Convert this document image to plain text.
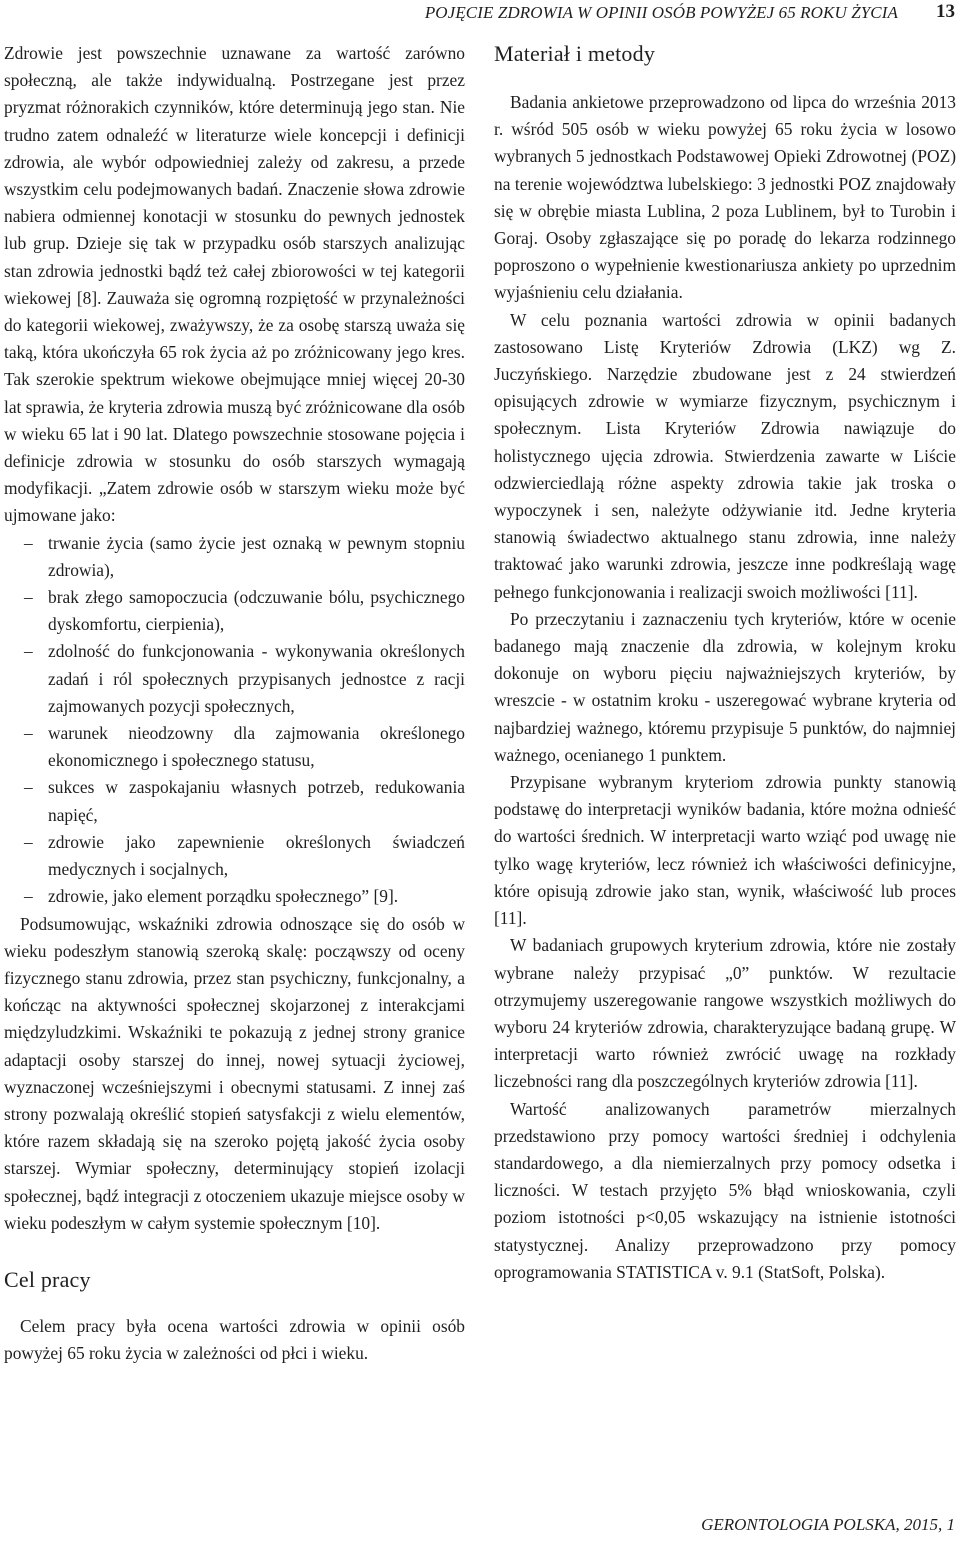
POJĘCIE ZDROWIA W OPINII OSÓB POWYŻEJ 65 ROKU ŻYCIA 13

Zdrowie jest powszechnie uznawane za wartość zarówno społeczną, ale także indywidualną. Postrzegane jest przez pryzmat różnorakich czynników, które determinują jego stan. Nie trudno zatem odnaleźć w literaturze wiele koncepcji i definicji zdrowia, ale wybór odpowiedniej zależy od zakresu, a przede wszystkim celu podejmowanych badań. Znaczenie słowa zdrowie nabiera odmiennej konotacji w stosunku do pewnych jednostek lub grup. Dzieje się tak w przypadku osób starszych analizując stan zdrowia jednostki bądź też całej zbiorowości w tej kategorii wiekowej [8]. Zauważa się ogromną rozpiętość w przynależności do kategorii wiekowej, zważywszy, że za osobę starszą uważa się taką, która ukończyła 65 rok życia aż po zróżnicowany jego kres. Tak szerokie spektrum wiekowe obejmujące mniej więcej 20-30 lat sprawia, że kryteria zdrowia muszą być zróżnicowane dla osób w wieku 65 lat i 90 lat. Dlatego powszechnie stosowane pojęcia i definicje zdrowia w stosunku do osób starszych wymagają modyfikacji. „Zatem zdrowie osób w starszym wieku może być ujmowane jako:

– trwanie życia (samo życie jest oznaką w pewnym stopniu zdrowia),
– brak złego samopoczucia (odczuwanie bólu, psychicznego dyskomfortu, cierpienia),
– zdolność do funkcjonowania - wykonywania określonych zadań i ról społecznych przypisanych jednostce z racji zajmowanych pozycji społecznych,
– warunek nieodzowny dla zajmowania określonego ekonomicznego i społecznego statusu,
– sukces w zaspokajaniu własnych potrzeb, redukowania napięć,
– zdrowie jako zapewnienie określonych świadczeń medycznych i socjalnych,
– zdrowie, jako element porządku społecznego” [9].

Podsumowując, wskaźniki zdrowia odnoszące się do osób w wieku podeszłym stanowią szeroką skalę: począwszy od oceny fizycznego stanu zdrowia, przez stan psychiczny, funkcjonalny, a kończąc na aktywności społecznej skojarzonej z interakcjami międzyludzkimi. Wskaźniki te pokazują z jednej strony granice adaptacji osoby starszej do innej, nowej sytuacji życiowej, wyznaczonej wcześniejszymi i obecnymi statusami. Z innej zaś strony pozwalają określić stopień satysfakcji z wielu elementów, które razem składają się na szeroko pojętą jakość życia osoby starszej. Wymiar społeczny, determinujący stopień izolacji społecznej, bądź integracji z otoczeniem ukazuje miejsce osoby w wieku podeszłym w całym systemie społecznym [10].

Cel pracy

Celem pracy była ocena wartości zdrowia w opinii osób powyżej 65 roku życia w zależności od płci i wieku.

Materiał i metody

Badania ankietowe przeprowadzono od lipca do września 2013 r. wśród 505 osób w wieku powyżej 65 roku życia w losowo wybranych 5 jednostkach Podstawowej Opieki Zdrowotnej (POZ) na terenie województwa lubelskiego: 3 jednostki POZ znajdowały się w obrębie miasta Lublina, 2 poza Lublinem, był to Turobin i Goraj. Osoby zgłaszające się po poradę do lekarza rodzinnego poproszono o wypełnienie kwestionariusza ankiety po uprzednim wyjaśnieniu celu działania.

W celu poznania wartości zdrowia w opinii badanych zastosowano Listę Kryteriów Zdrowia (LKZ) wg Z. Juczyńskiego. Narzędzie zbudowane jest z 24 stwierdzeń opisujących zdrowie w wymiarze fizycznym, psychicznym i społecznym. Lista Kryteriów Zdrowia nawiązuje do holistycznego ujęcia zdrowia. Stwierdzenia zawarte w Liście odzwierciedlają różne aspekty zdrowia takie jak troska o wypoczynek i sen, należyte odżywianie itd. Jedne kryteria stanowią świadectwo aktualnego stanu zdrowia, inne należy traktować jako warunki zdrowia, jeszcze inne podkreślają wagę pełnego funkcjonowania i realizacji swoich możliwości [11].

Po przeczytaniu i zaznaczeniu tych kryteriów, które w ocenie badanego mają znaczenie dla zdrowia, w kolejnym kroku dokonuje on wyboru pięciu najważniejszych kryteriów, by wreszcie - w ostatnim kroku - uszeregować wybrane kryteria od najbardziej ważnego, któremu przypisuje 5 punktów, do najmniej ważnego, ocenianego 1 punktem.

Przypisane wybranym kryteriom zdrowia punkty stanowią podstawę do interpretacji wyników badania, które można odnieść do wartości średnich. W interpretacji warto wziąć pod uwagę nie tylko wagę kryteriów, lecz również ich właściwości definicyjne, które opisują zdrowie jako stan, wynik, właściwość lub proces [11].

W badaniach grupowych kryterium zdrowia, które nie zostały wybrane należy przypisać „0” punktów. W rezultacie otrzymujemy uszeregowanie rangowe wszystkich możliwych do wyboru 24 kryteriów zdrowia, charakteryzujące badaną grupę. W interpretacji warto również zwrócić uwagę na rozkłady liczebności rang dla poszczególnych kryteriów zdrowia [11].

Wartość analizowanych parametrów mierzalnych przedstawiono przy pomocy wartości średniej i odchylenia standardowego, a dla niemierzalnych przy pomocy odsetka i liczności. W testach przyjęto 5% błąd wnioskowania, czyli poziom istotności p<0,05 wskazujący na istnienie istotności statystycznej. Analizy przeprowadzono przy pomocy oprogramowania STATISTICA v. 9.1 (StatSoft, Polska).

GERONTOLOGIA POLSKA, 2015, 1
